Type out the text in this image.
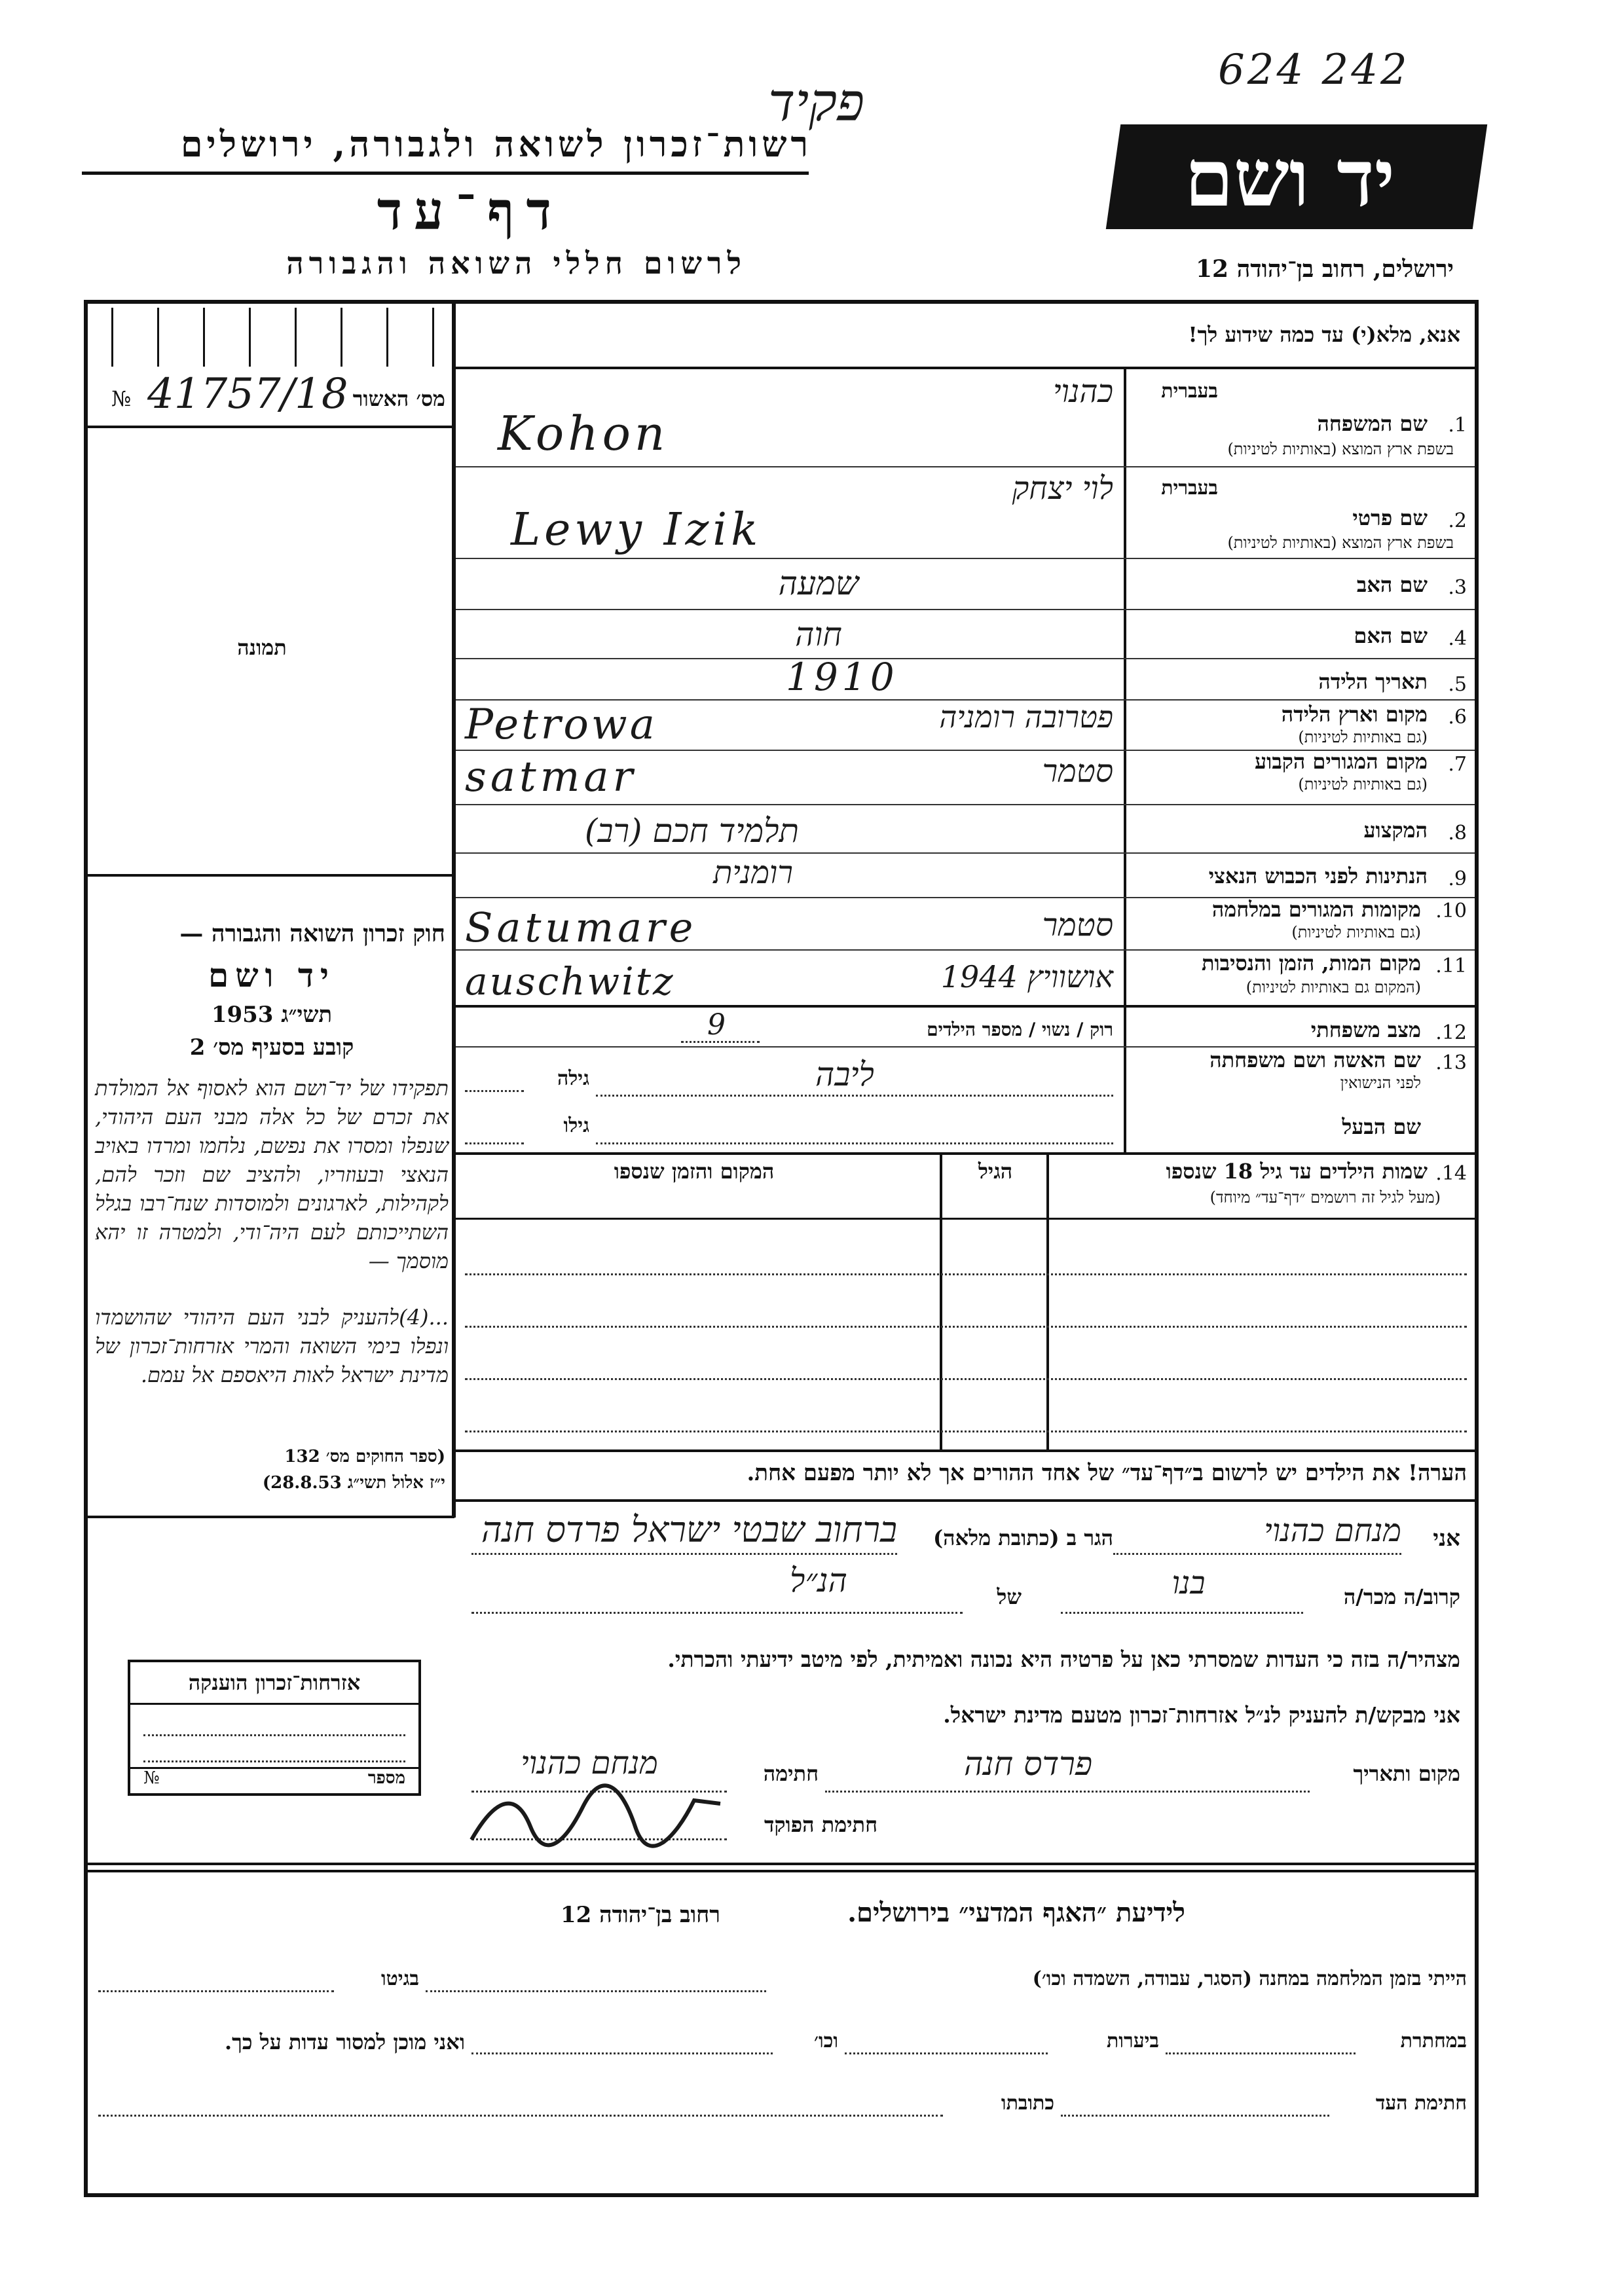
624 242
פקיד
יד ושם
רשות־זכרון לשואה ולגבורה, ירושלים
דף־עד
לרשום חללי השואה והגבורה	ירושלים, רחוב בן־יהודה 12
מס׳ האשור
№ 41757/18
תמונה
חוק זכרון השואה והגבורה —
יד ושם
תשי״ג 1953
קובע בסעיף מס׳ 2
תפקידו של יד־ושם הוא לאסוף אל המולדת את זכרם של כל אלה מבני העם היהודי, שנפלו ומסרו את נפשם, נלחמו ומרדו באויב הנאצי ובעוזריו, ולהציב שם וזכר להם, לקהילות, לארגונים ולמוסדות שנח־רבו בגלל השתייכותם לעם היה־ודי, ולמטרה זו יהא מוסמך —
...(4)להעניק לבני העם היהודי שהושמדו ונפלו בימי השואה והמרי אזרחות־זכרון של מדינת ישראל לאות היאספם אל עמם.
(ספר החוקים מס׳ 132
י״ז אלול תשי״ג 28.8.53)
אזרחות־זכרון הוענקה
מספר
№
אנא, מלא(י) עד כמה שידוע לך!
1.
שם המשפחה
בשפת ארץ המוצא (באותיות לטיניות)
בעברית
כהנוי
Kohon
2.
שם פרטי
בשפת ארץ המוצא (באותיות לטיניות)
בעברית
לוי יצחק
Lewy Izik
3.
שם האב
שמעה
4.
שם האם
חוה
5.
תאריך הלידה
1910
6.
מקום וארץ הלידה
(גם באותיות לטיניות)
פטרובה רומניה
Petrowa
7.
מקום המגורים הקבוע
(גם באותיות לטיניות)
סטמר
satmar
8.
המקצוע
תלמיד חכם (רב)
9.
הנתינות לפני הכבוש הנאצי
רומנית
10.
מקומות המגורים במלחמה
(גם באותיות לטיניות)
סטמר
Satumare
11.
מקום המות, הזמן והנסיבות
(המקום גם באותיות לטיניות)
אושוויץ 1944
auschwitz
12.
מצב משפחתי
רוק / נשוי / מספר הילדים
9
13.
שם האשה ושם משפחתה
לפני הנישואין
גילה	ליבה
שם הבעל
גילו
14.
שמות הילדים עד גיל 18 שנספו
(מעל לגיל זה רושמים ״דף־עד״ מיוחד)
הגיל
המקום והזמן שנספו
הערה! את הילדים יש לרשום ב״דף־עד״ של אחד ההורים אך לא יותר מפעם אחת.
אני
מנחם כהנוי
הגר ב (כתובת מלאה)
ברחוב שבטי ישראל פרדס חנה
קרוב/ה מכר/ה
בנו
של
הנ״ל
מצהיר/ה בזה כי העדות שמסרתי כאן על פרטיה היא נכונה ואמיתית, לפי מיטב ידיעתי והכרתי.
אני מבקש/ת להעניק לנ״ל אזרחות־זכרון מטעם מדינת ישראל.
מקום ותאריך
פרדס חנה
חתימה
מנחם כהנוי
חתימת הפוקד
רחוב בן־יהודה 12	לידיעת ״האגף המדעי״ בירושלים.
הייתי בזמן המלחמה במחנה (הסגר, עבודה, השמדה וכו׳)
בגיטו
במחתרת
ביערות
וכו׳
ואני מוכן למסור עדות על כך.
חתימת העד
כתובתו
